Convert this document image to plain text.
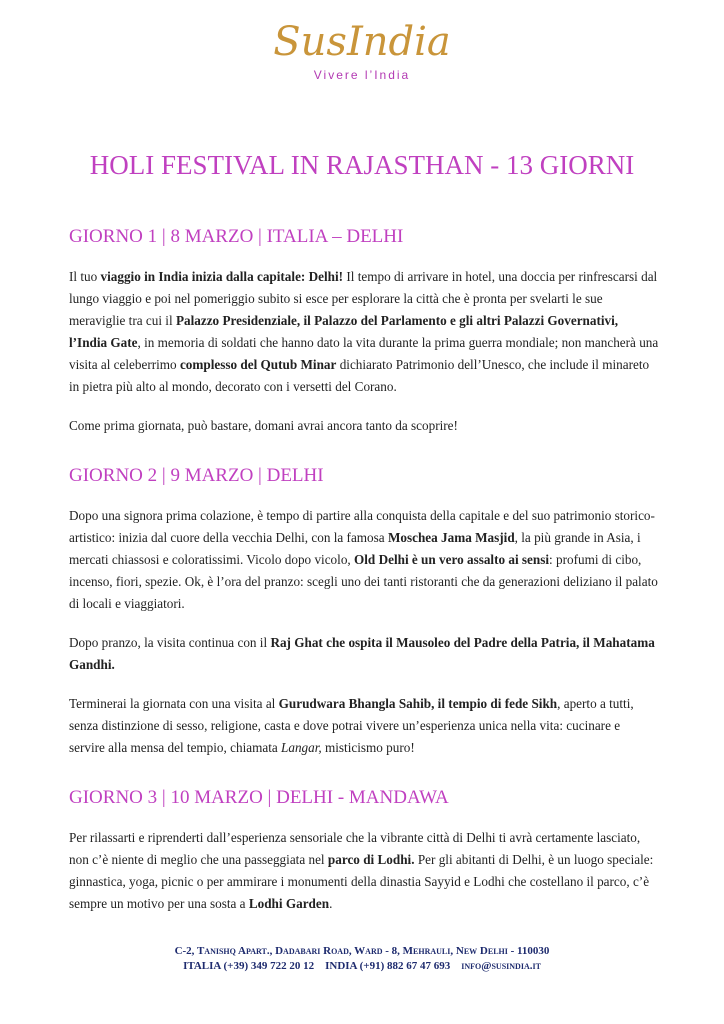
SusIndia
Vivere l’India
HOLI FESTIVAL IN RAJASTHAN - 13 GIORNI
GIORNO 1 | 8 MARZO | ITALIA – DELHI

Il tuo viaggio in India inizia dalla capitale: Delhi! Il tempo di arrivare in hotel, una doccia per rinfrescarsi dal lungo viaggio e poi nel pomeriggio subito si esce per esplorare la città che è pronta per svelarti le sue meraviglie tra cui il Palazzo Presidenziale, il Palazzo del Parlamento e gli altri Palazzi Governativi, l’India Gate, in memoria di soldati che hanno dato la vita durante la prima guerra mondiale; non mancherà una visita al celeberrimo complesso del Qutub Minar dichiarato Patrimonio dell’Unesco, che include il minareto in pietra più alto al mondo, decorato con i versetti del Corano.

Come prima giornata, può bastare, domani avrai ancora tanto da scoprire!

GIORNO 2 | 9 MARZO | DELHI

Dopo una signora prima colazione, è tempo di partire alla conquista della capitale e del suo patrimonio storico-artistico: inizia dal cuore della vecchia Delhi, con la famosa Moschea Jama Masjid, la più grande in Asia, i mercati chiassosi e coloratissimi. Vicolo dopo vicolo, Old Delhi è un vero assalto ai sensi: profumi di cibo, incenso, fiori, spezie. Ok, è l’ora del pranzo: scegli uno dei tanti ristoranti che da generazioni deliziano il palato di locali e viaggiatori.

Dopo pranzo, la visita continua con il Raj Ghat che ospita il Mausoleo del Padre della Patria, il Mahatama Gandhi.

Terminerai la giornata con una visita al Gurudwara Bhangla Sahib, il tempio di fede Sikh, aperto a tutti, senza distinzione di sesso, religione, casta e dove potrai vivere un’esperienza unica nella vita: cucinare e servire alla mensa del tempio, chiamata Langar, misticismo puro!

GIORNO 3 | 10 MARZO | DELHI - MANDAWA

Per rilassarti e riprenderti dall’esperienza sensoriale che la vibrante città di Delhi ti avrà certamente lasciato, non c’è niente di meglio che una passeggiata nel parco di Lodhi. Per gli abitanti di Delhi, è un luogo speciale: ginnastica, yoga, picnic o per ammirare i monumenti della dinastia Sayyid e Lodhi che costellano il parco, c’è sempre un motivo per una sosta a Lodhi Garden.

C-2, Tanishq Apart., Dadabari Road, Ward - 8, Mehrauli, New Delhi - 110030
ITALIA (+39) 349 722 20 12 INDIA (+91) 882 67 47 693 info@susindia.it
